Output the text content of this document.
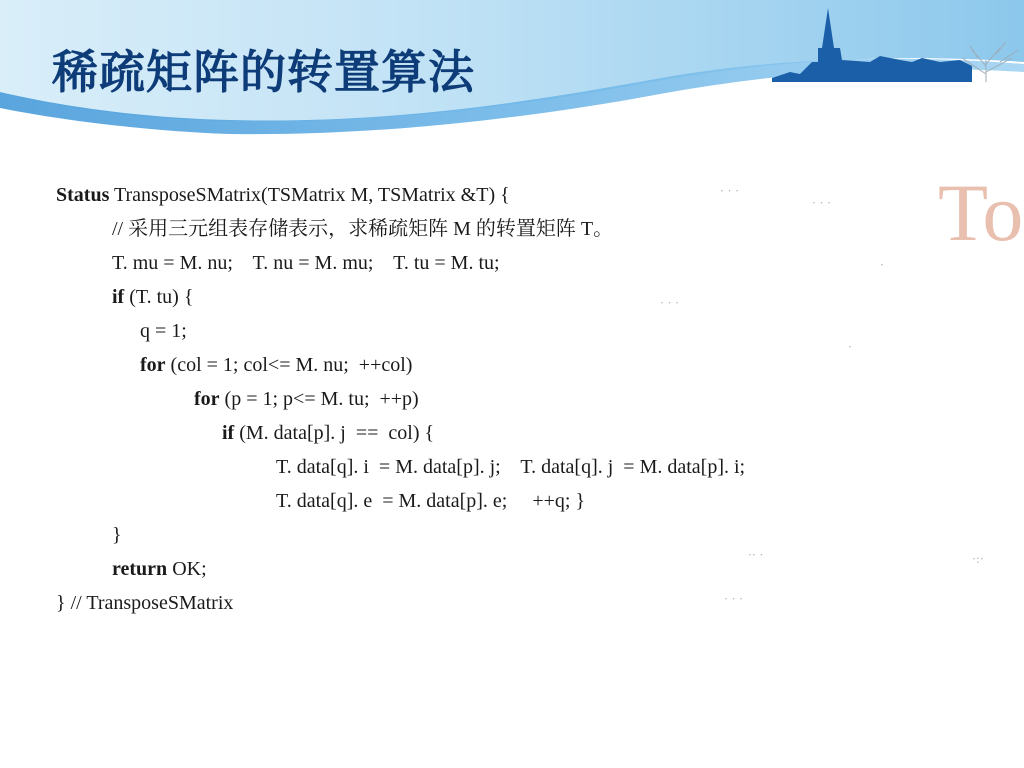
稀疏矩阵的转置算法
To
Status TransposeSMatrix(TSMatrix M, TSMatrix &T) {
// 采用三元组表存储表示，求稀疏矩阵 M 的转置矩阵 T。
T. mu = M. nu;    T. nu = M. mu;    T. tu = M. tu;
if (T. tu) {
q = 1;
for (col = 1; col<= M. nu;  ++col)
for (p = 1; p<= M. tu;  ++p)
if (M. data[p]. j  ==  col) {
T. data[q]. i  = M. data[p]. j;    T. data[q]. j  = M. data[p]. i;
T. data[q]. e  = M. data[p]. e;     ++q; }
}
return OK;
} // TransposeSMatrix
· · ·
· · ·
·
· · ·
·
·· ·	·:·
· · ·
